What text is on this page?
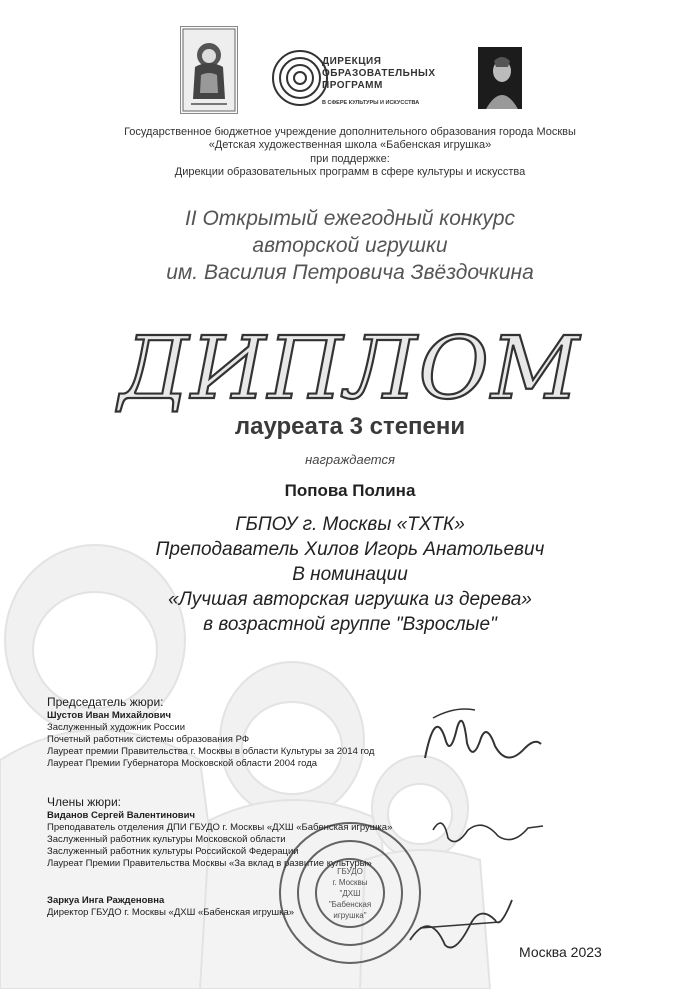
ДИРЕКЦИЯ
ОБРАЗОВАТЕЛЬНЫХ
ПРОГРАММ
В СФЕРЕ КУЛЬТУРЫ И ИСКУССТВА
Государственное бюджетное учреждение дополнительного образования города Москвы
«Детская художественная школа «Бабенская игрушка»
при поддержке:
Дирекции образовательных программ в сфере культуры и искусства
II Открытый ежегодный конкурс
авторской игрушки
им. Василия Петровича Звёздочкина
ДИПЛОМ
лауреата 3 степени
награждается
Попова Полина
ГБПОУ г. Москвы «ТХТК»
Преподаватель Хилов Игорь Анатольевич
В номинации
«Лучшая авторская игрушка из дерева»
в возрастной группе "Взрослые"
Председатель жюри:
Шустов Иван Михайлович
Заслуженный художник России
Почетный работник системы образования РФ
Лауреат премии Правительства г. Москвы в области Культуры за 2014 год
Лауреат Премии Губернатора Московской области 2004 года
Члены жюри:
Виданов Сергей Валентинович
Преподаватель отделения ДПИ ГБУДО г. Москвы «ДХШ «Бабенская игрушка»
Заслуженный работник культуры Московской области
Заслуженный работник культуры Российской Федерации
Лауреат Премии Правительства Москвы «За вклад в развитие культуры»
Заркуа Инга Ражденовна
Директор ГБУДО г. Москвы «ДХШ «Бабенская игрушка»
ГБУДО
г. Москвы
"ДХШ
"Бабенская
игрушка"
Москва 2023
